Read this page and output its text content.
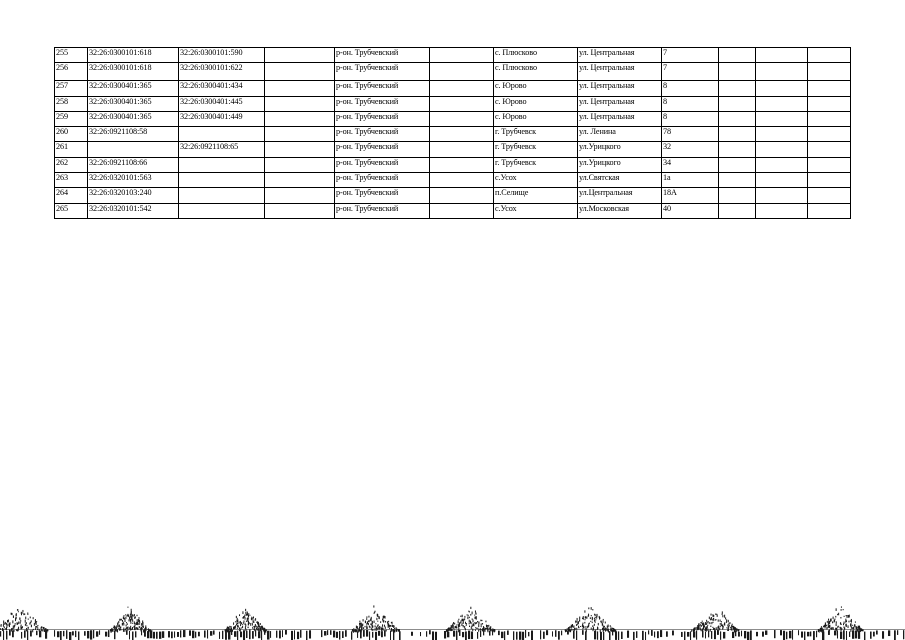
255	32:26:0300101:618	32:26:0300101:590		р-он. Трубчевский		с. Плюсково	ул. Центральная	7			
256	32:26:0300101:618	32:26:0300101:622		р-он. Трубчевский		с. Плюсково	ул. Центральная	7			
257	32:26:0300401:365	32:26:0300401:434		р-он. Трубчевский		с. Юрово	ул. Центральная	8			
258	32:26:0300401:365	32:26:0300401:445		р-он. Трубчевский		с. Юрово	ул. Центральная	8			
259	32:26:0300401:365	32:26:0300401:449		р-он. Трубчевский		с. Юрово	ул. Центральная	8			
260	32:26:0921108:58			р-он. Трубчевский		г. Трубчевск	ул. Ленина	78			
261		32:26:0921108:65		р-он. Трубчевский		г. Трубчевск	ул.Урицкого	32			
262	32:26:0921108:66			р-он. Трубчевский		г. Трубчевск	ул.Урицкого	34			
263	32:26:0320101:563			р-он. Трубчевский		с.Усох	ул.Святская	1а			
264	32:26:0320103:240			р-он. Трубчевский		п.Селище	ул.Центральная	18А			
265	32:26:0320101:542			р-он. Трубчевский		с.Усох	ул.Московская	40			
